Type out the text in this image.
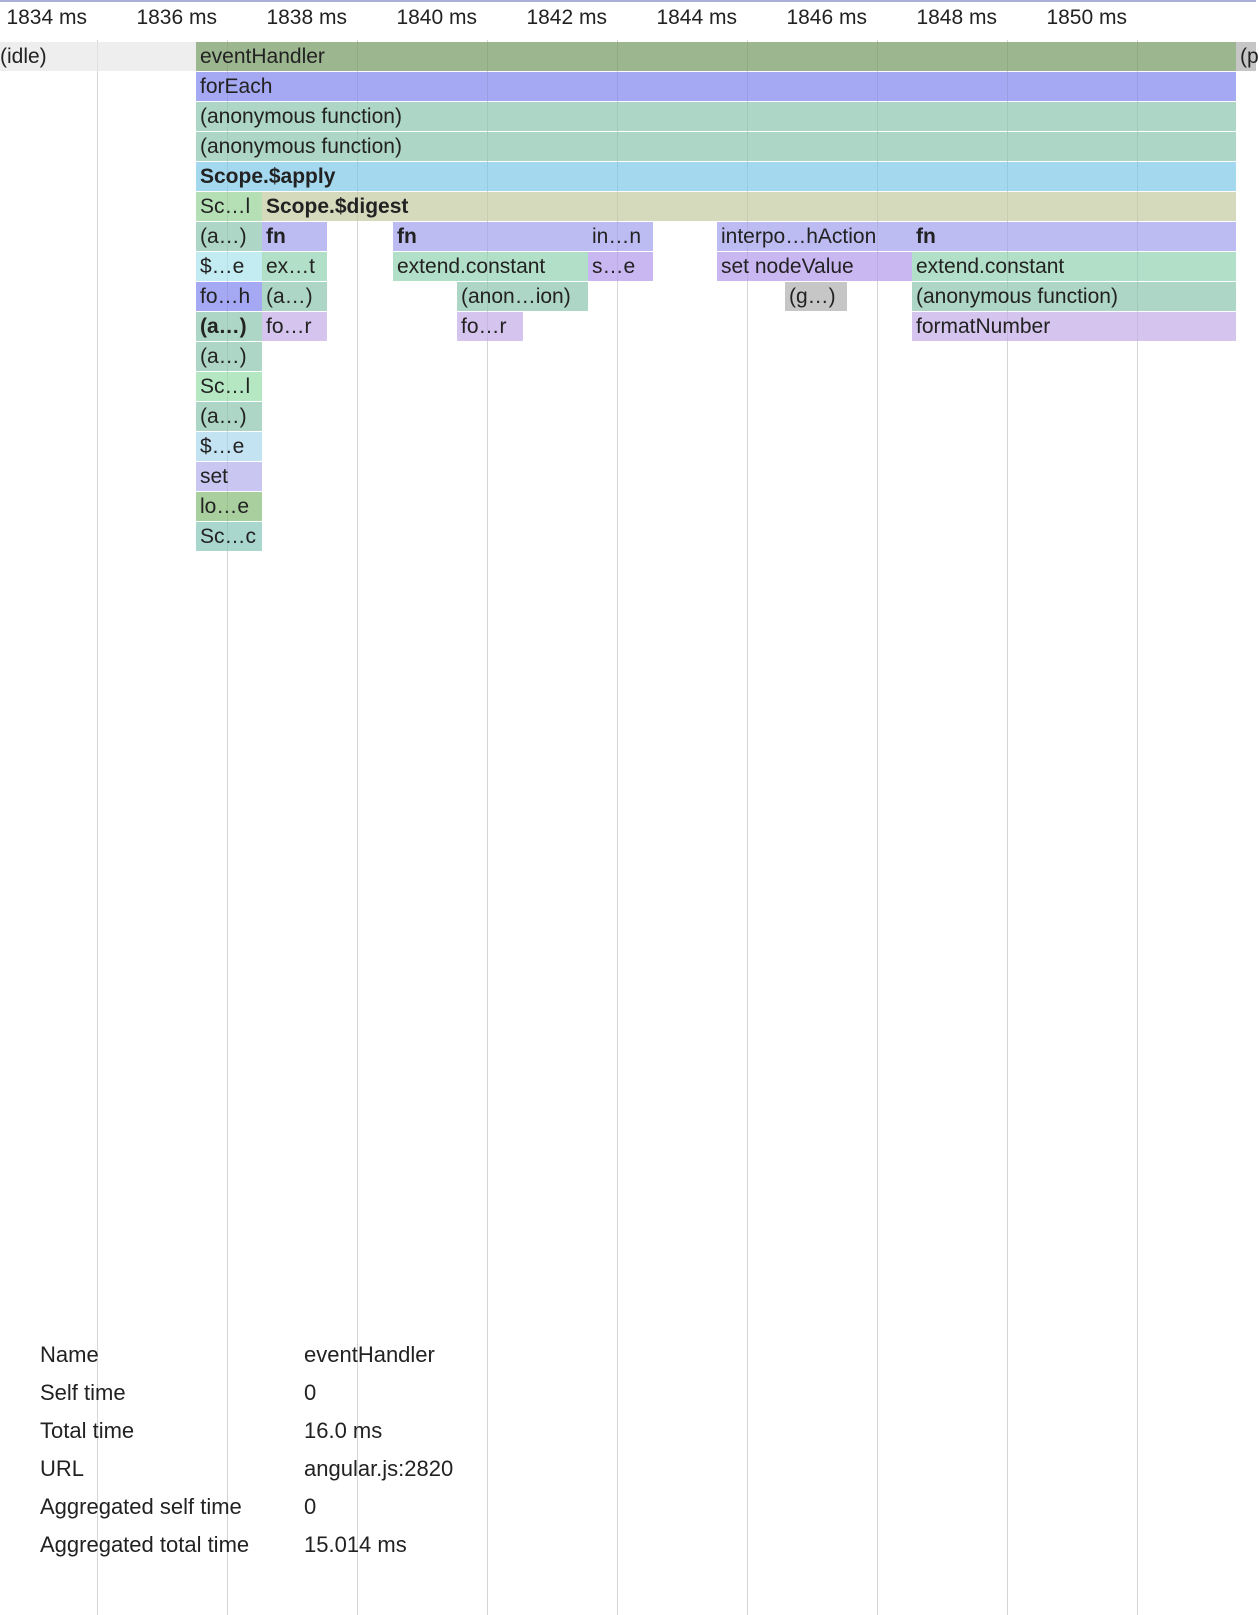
(idle)	eventHandler	(p
forEach
(anonymous function)
(anonymous function)
Scope.$apply
Sc…l Scope.$digest
(a…) fn	fn	in…n	interpo…hAction	fn
$…e	ex…t	extend.constant	s…e	set nodeValue	extend.constant
fo…h (a…)	(anon…ion)	(g…)	(anonymous function)
(a…) fo…r	fo…r	formatNumber
(a…)
Sc…l
(a…)
$…e
set
lo…e
Sc…c
1834 ms 1836 ms 1838 ms 1840 ms 1842 ms 1844 ms 1846 ms 1848 ms 1850 ms
Name	eventHandler
Self time	0
Total time	16.0 ms
URL	angular.js:2820
Aggregated self time	0
Aggregated total time	15.014 ms
